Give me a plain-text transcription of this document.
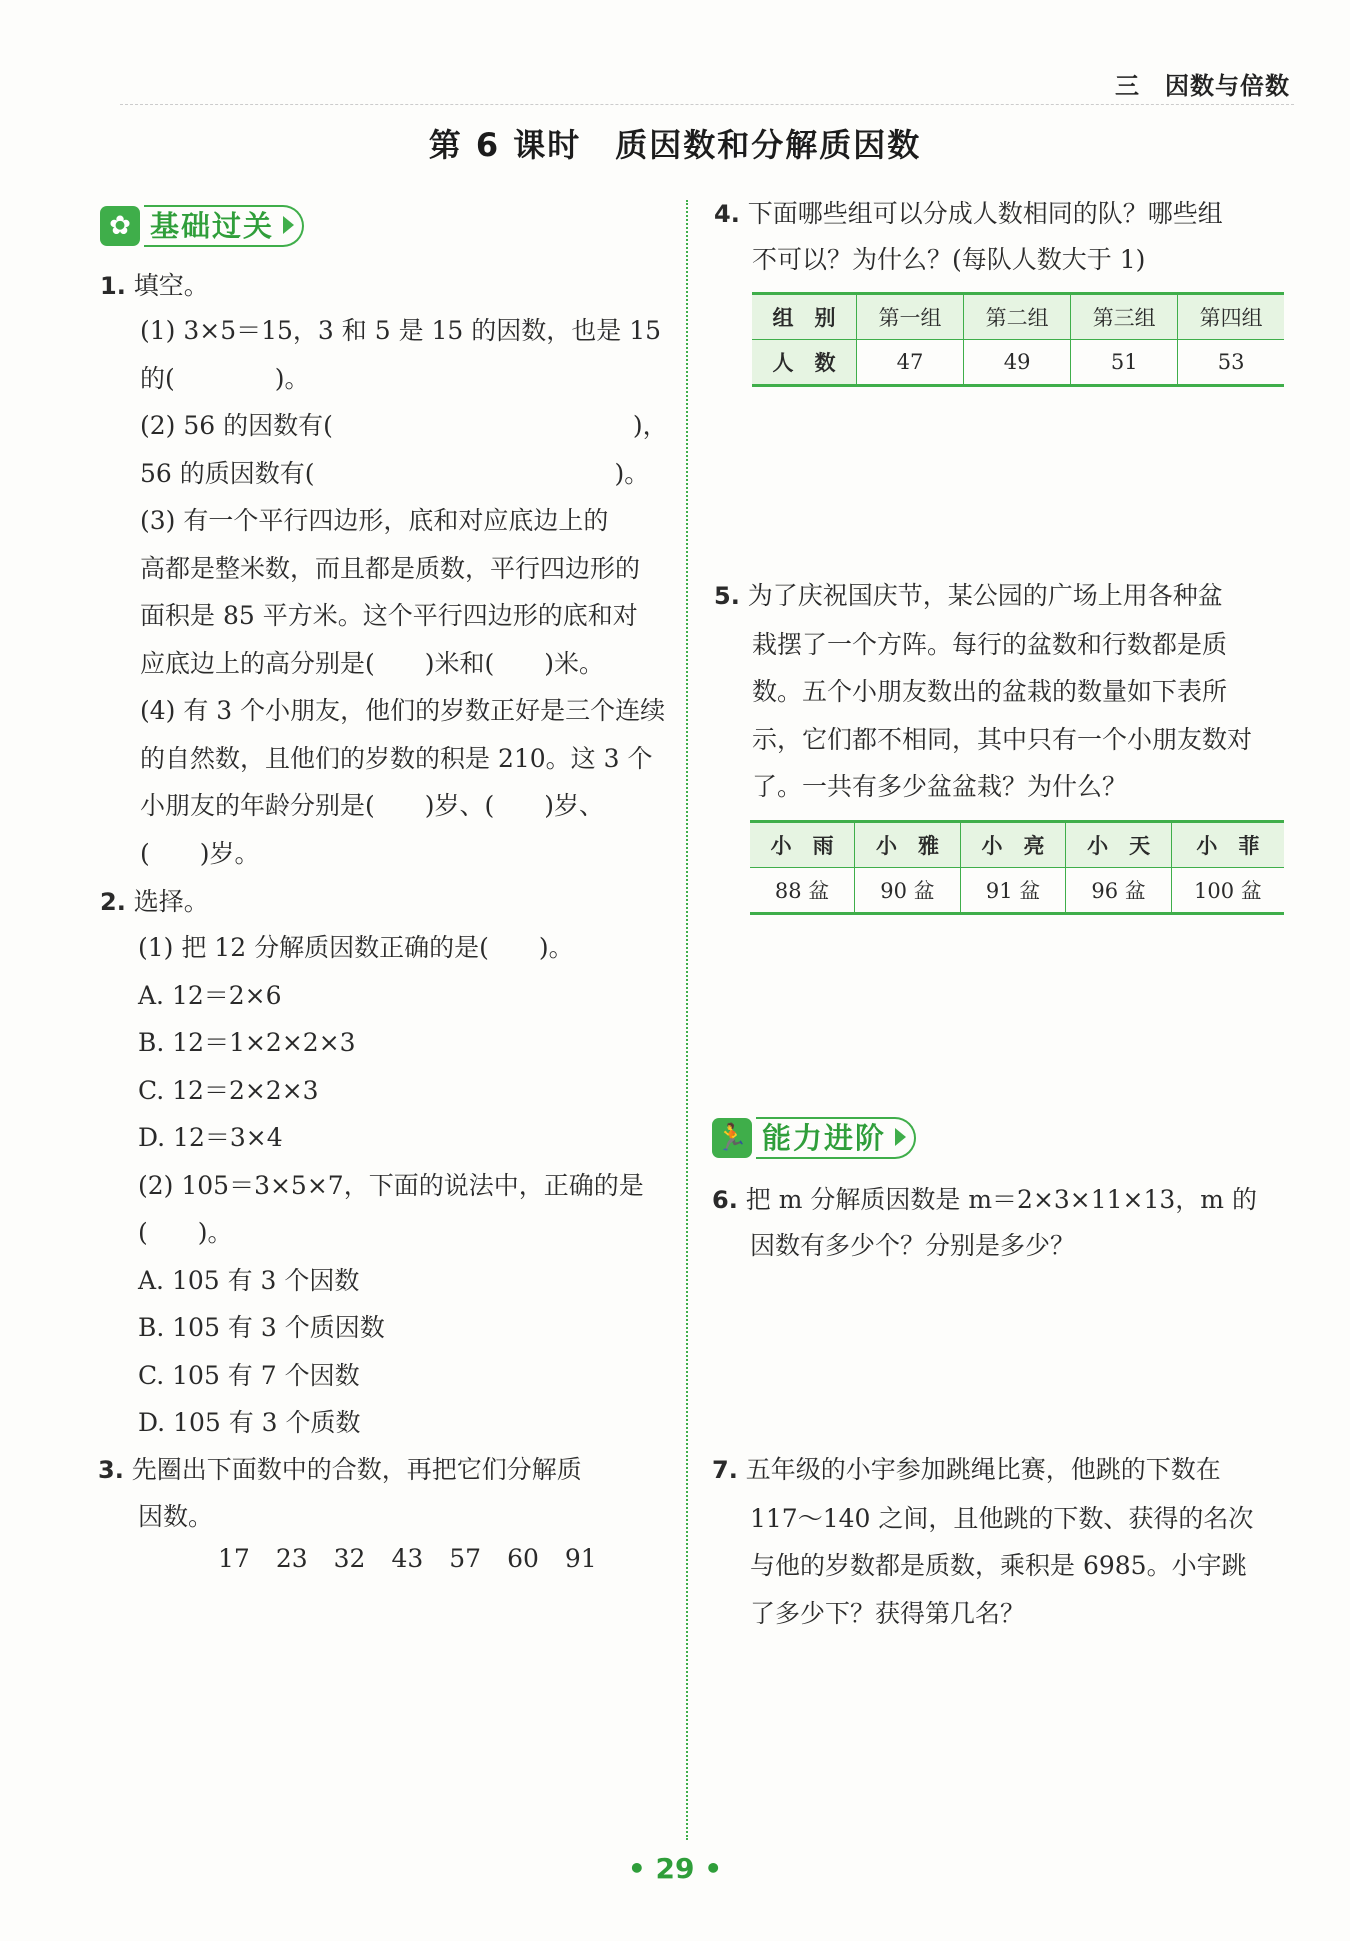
三　因数与倍数
第 6 课时　质因数和分解质因数
✿ 基础过关
1. 填空。
(1) 3×5＝15，3 和 5 是 15 的因数，也是 15
的(　　　　)。
(2) 56 的因数有(　　　　　　　　　　　　)，
56 的质因数有(　　　　　　　　　　　　)。
(3) 有一个平行四边形，底和对应底边上的
高都是整米数，而且都是质数，平行四边形的
面积是 85 平方米。这个平行四边形的底和对
应底边上的高分别是(　　)米和(　　)米。
(4) 有 3 个小朋友，他们的岁数正好是三个连续
的自然数，且他们的岁数的积是 210。这 3 个
小朋友的年龄分别是(　　)岁、(　　)岁、
(　　)岁。
2. 选择。
(1) 把 12 分解质因数正确的是(　　)。
A. 12＝2×6
B. 12＝1×2×2×3
C. 12＝2×2×3
D. 12＝3×4
(2) 105＝3×5×7，下面的说法中，正确的是
(　　)。
A. 105 有 3 个因数
B. 105 有 3 个质因数
C. 105 有 7 个因数
D. 105 有 3 个质数
3. 先圈出下面数中的合数，再把它们分解质
因数。
17 23 32 43 57 60 91
4. 下面哪些组可以分成人数相同的队？哪些组
不可以？为什么？(每队人数大于 1)
组　别	第一组	第二组	第三组	第四组
人　数	47	49	51	53
5. 为了庆祝国庆节，某公园的广场上用各种盆
栽摆了一个方阵。每行的盆数和行数都是质
数。五个小朋友数出的盆栽的数量如下表所
示，它们都不相同，其中只有一个小朋友数对
了。一共有多少盆盆栽？为什么？
小　雨	小　雅	小　亮	小　天	小　菲
88 盆	90 盆	91 盆	96 盆	100 盆
🏃 能力进阶
6. 把 m 分解质因数是 m＝2×3×11×13，m 的
因数有多少个？分别是多少？
7. 五年级的小宇参加跳绳比赛，他跳的下数在
117～140 之间，且他跳的下数、获得的名次
与他的岁数都是质数，乘积是 6985。小宇跳
了多少下？获得第几名？
• 29 •
